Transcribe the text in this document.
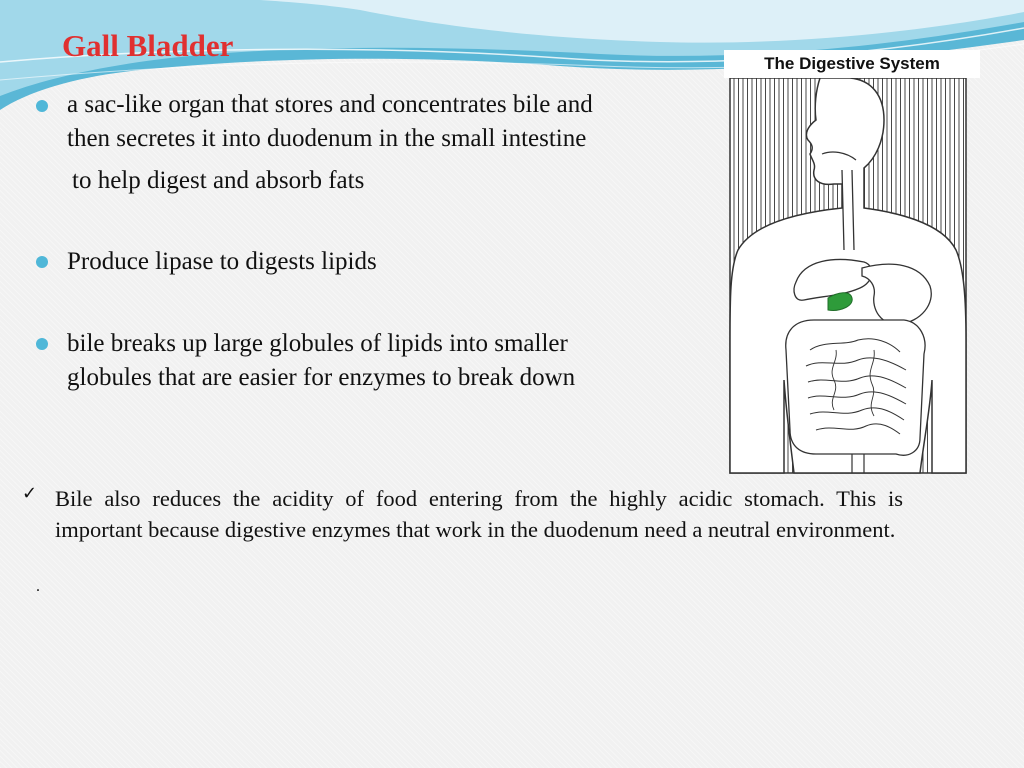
Gall Bladder
a sac-like organ that stores and concentrates bile and
then secretes it into duodenum in the small intestine
to help digest and absorb fats
Produce lipase to digests lipids
bile breaks up large globules of lipids into smaller
globules that are easier for enzymes to break down
The Digestive System
✓ Bile also reduces the acidity of food entering from the highly acidic stomach. This is important because digestive enzymes that work in the duodenum need a neutral environment.
.
